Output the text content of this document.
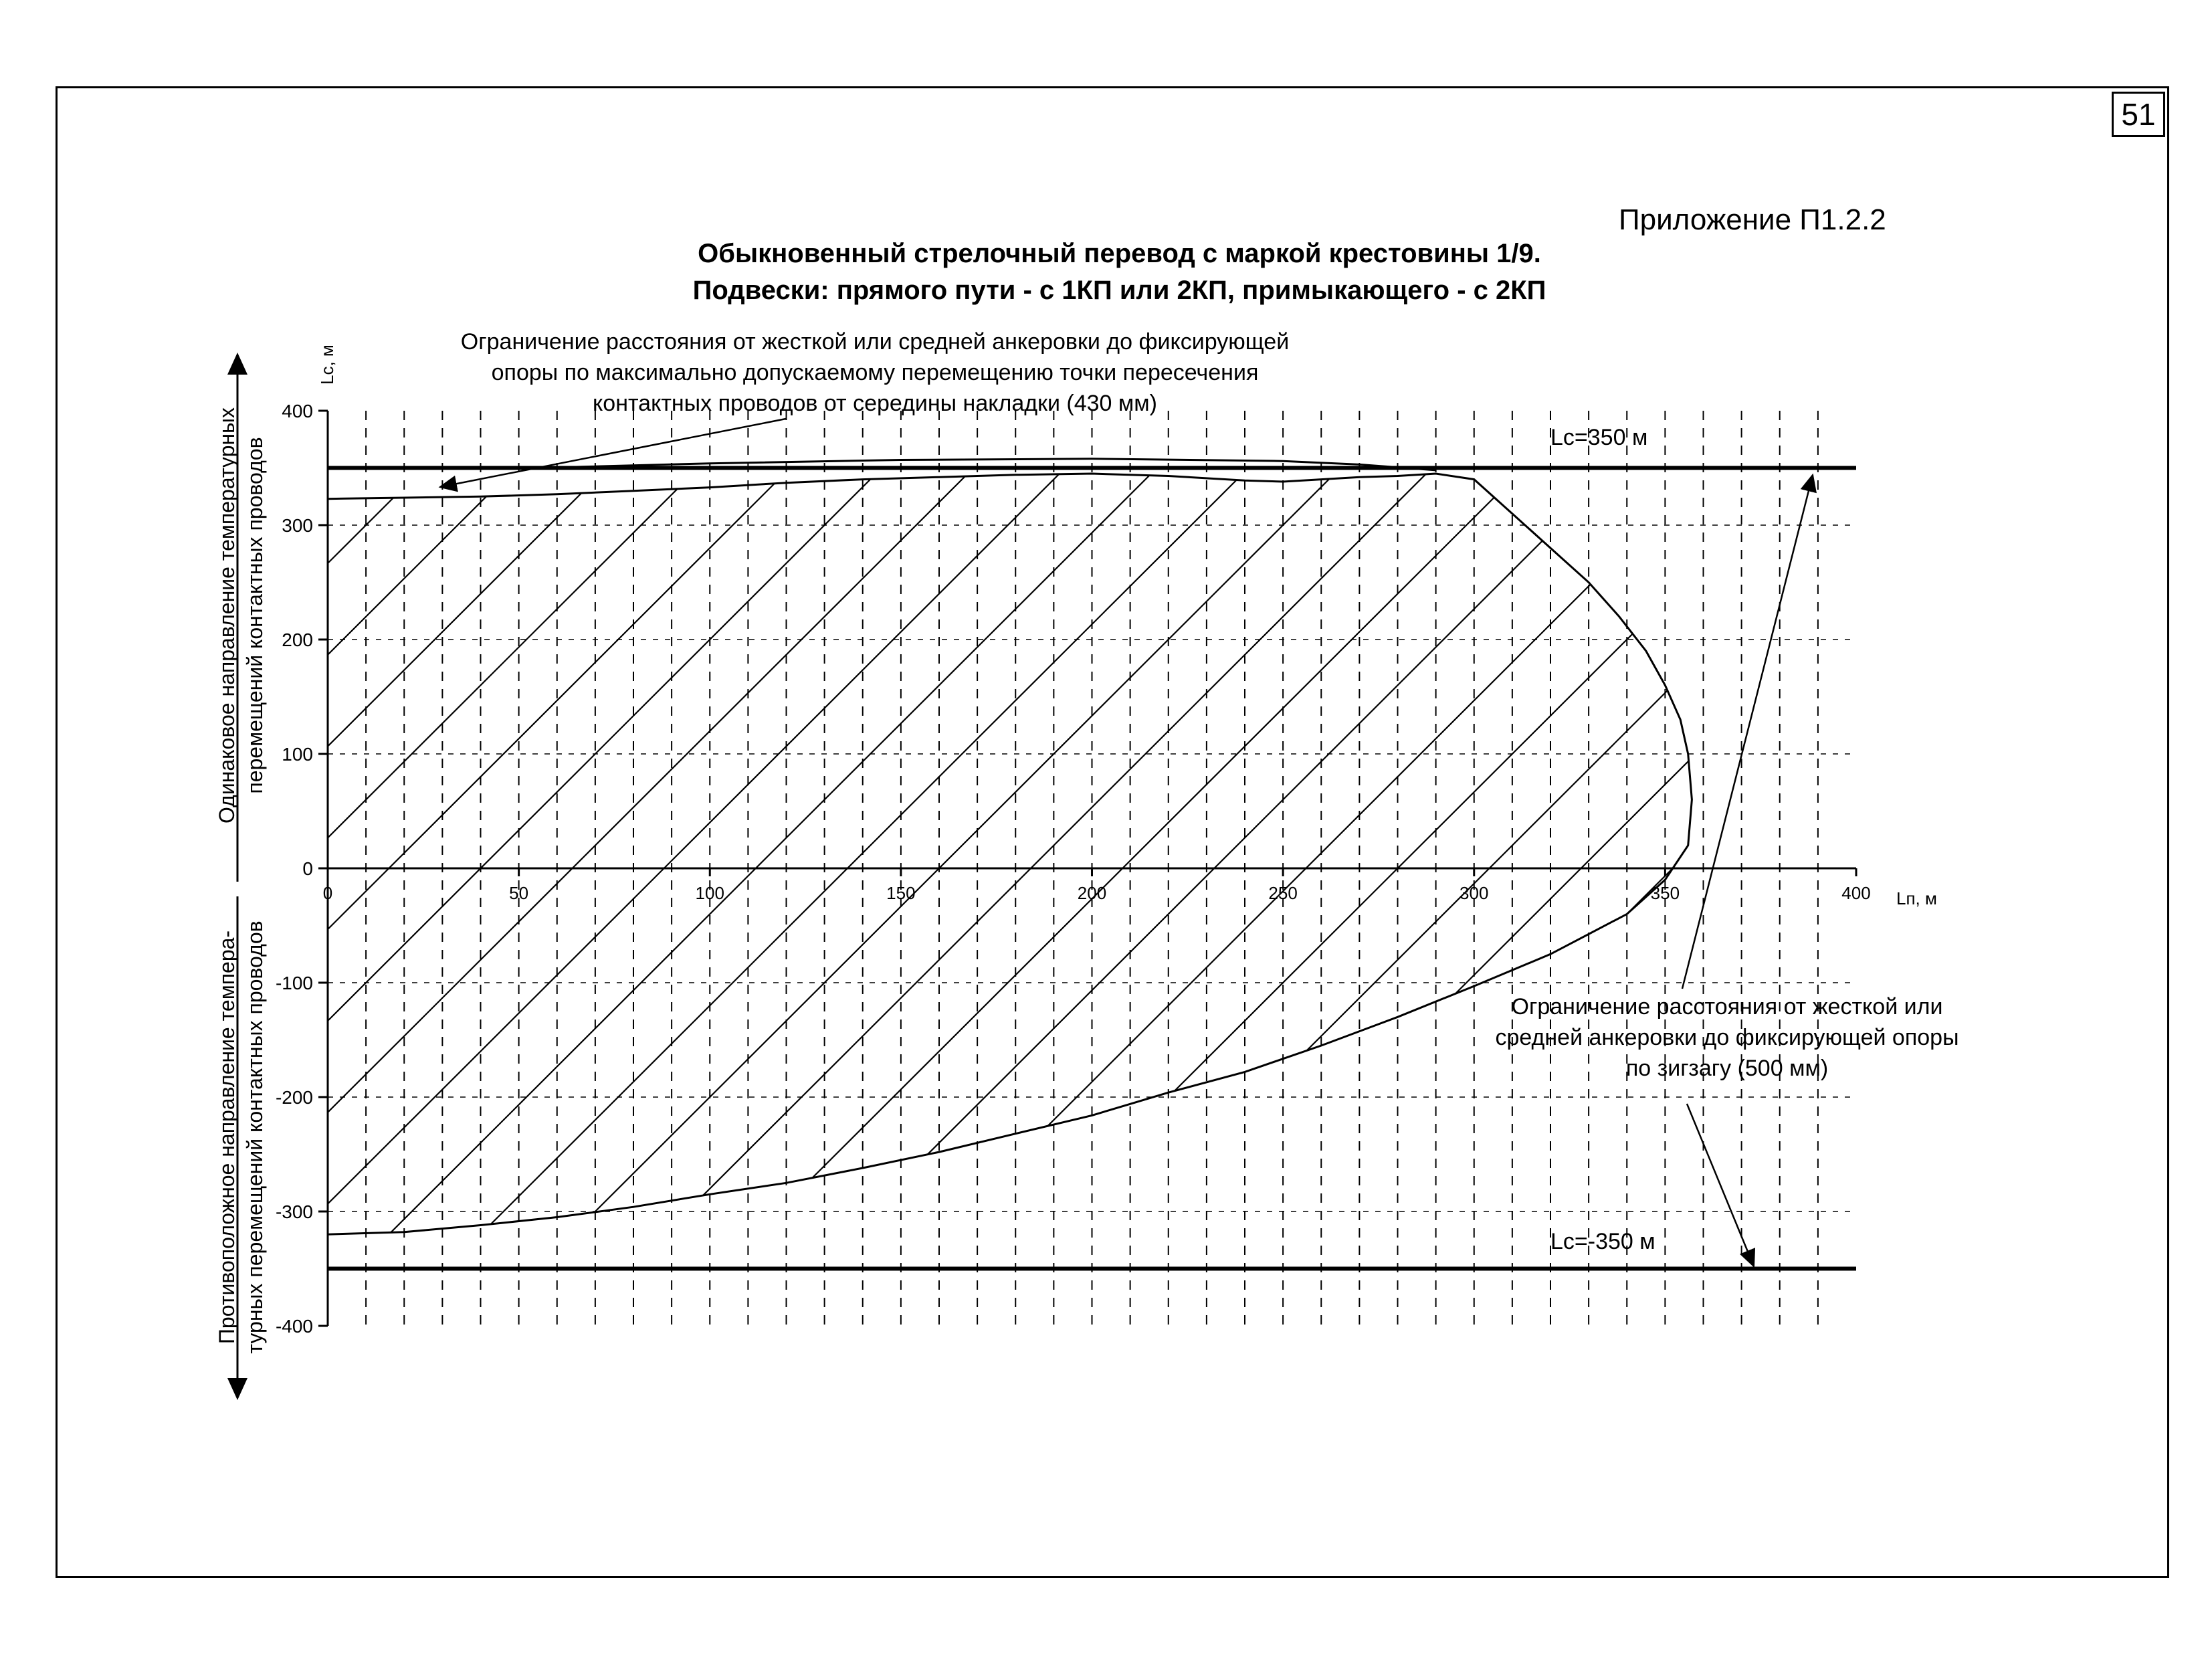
51
Приложение П1.2.2
Обыкновенный стрелочный перевод с маркой крестовины 1/9.
Подвески: прямого пути - с 1КП или 2КП, примыкающего - с 2КП
0	50	100	150	200	250	300	350	400
400
300
200
100
0
-100
-200
-300
-400
Lп, м
Lс, м
Одинаковое направление температурных перемещений контактных проводов
Противоположное направление темпера- турных перемещений контактных проводов
Lc=350 м
Lc=-350 м
Ограничение расстояния от жесткой или средней анкеровки до фиксирующей
опоры по максимально допускаемому перемещению точки пересечения
контактных проводов от середины накладки (430 мм)
Ограничение расстояния от жесткой или
средней анкеровки до фиксирующей опоры
по зигзагу (500 мм)
